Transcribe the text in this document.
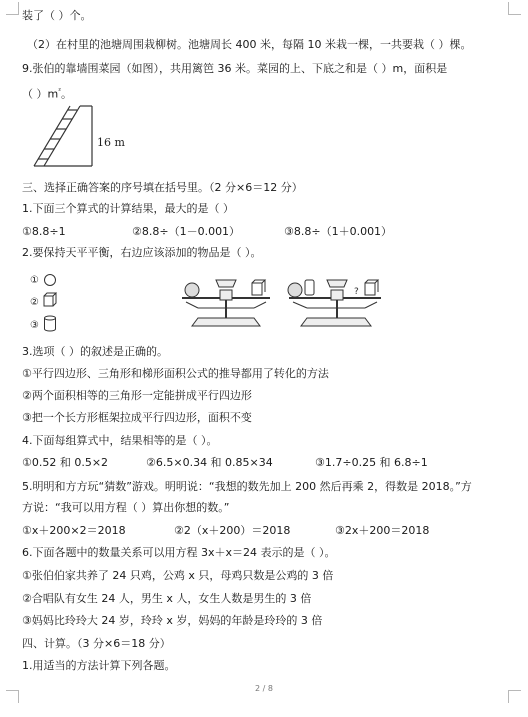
装了（ ）个。
（2）在村里的池塘周围栽柳树。池塘周长 400 米，每隔 10 米栽一棵，一共要栽（ ）棵。
9.张伯的靠墙围菜园（如图），共用篱笆 36 米。菜园的上、下底之和是（ ）m，面积是
（ ）$m^{^2}$。
16 m
三、选择正确答案的序号填在括号里。（2 分×6＝12 分）
1.下面三个算式的计算结果，最大的是（ ）
①8.8÷1	②8.8÷（1－0.001）	③8.8÷（1＋0.001）
2.要保持天平平衡，右边应该添加的物品是（ ）。
①
②
③
?
3.选项（ ）的叙述是正确的。
①平行四边形、三角形和梯形面积公式的推导都用了转化的方法
②两个面积相等的三角形一定能拼成平行四边形
③把一个长方形框架拉成平行四边形，面积不变
4.下面每组算式中，结果相等的是（ ）。
①0.52 和 0.5×2	②6.5×0.34 和 0.85×34	③1.7÷0.25 和 6.8÷1
5.明明和方方玩“猜数”游戏。明明说：“我想的数先加上 200 然后再乘 2，得数是 2018。”方
方说：“我可以用方程（ ）算出你想的数。”
①x＋200×2＝2018	②2（x＋200）＝2018	③2x＋200＝2018
6.下面各题中的数量关系可以用方程 3x＋x＝24 表示的是（ ）。
①张伯伯家共养了 24 只鸡，公鸡 x 只，母鸡只数是公鸡的 3 倍
②合唱队有女生 24 人，男生 x 人，女生人数是男生的 3 倍
③妈妈比玲玲大 24 岁，玲玲 x 岁，妈妈的年龄是玲玲的 3 倍
四、计算。（3 分×6＝18 分）
1.用适当的方法计算下列各题。
2 / 8
